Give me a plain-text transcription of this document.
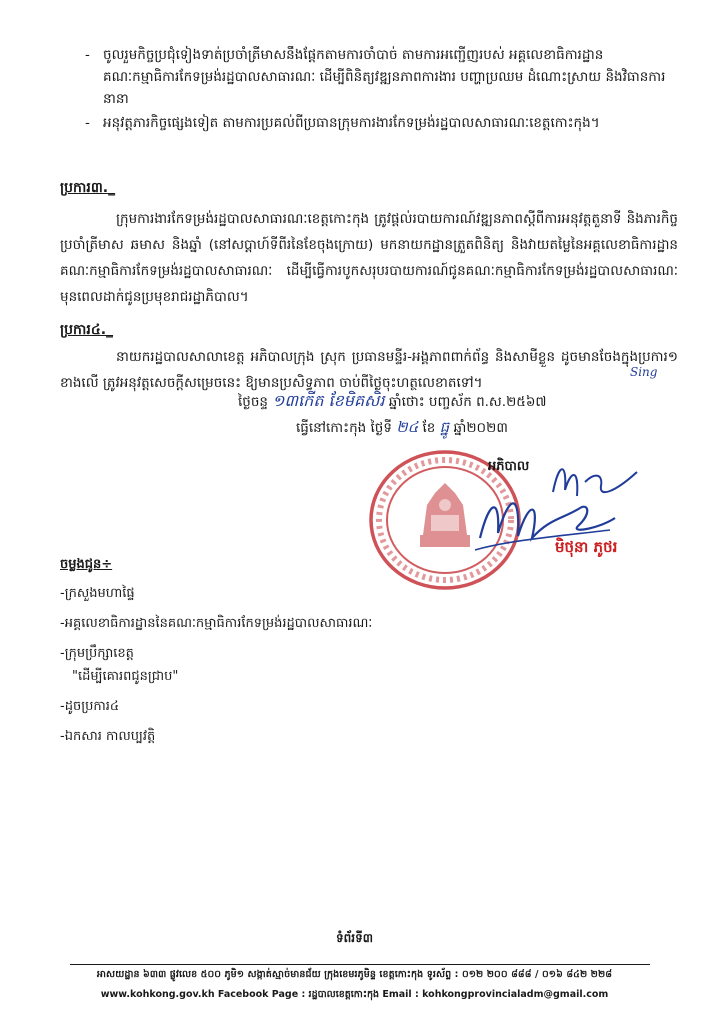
- ចូលរួមកិច្ចប្រជុំទៀងទាត់ប្រចាំត្រីមាសនឹងផ្ដែកតាមការចាំបាច់ តាមការអញ្ជើញរបស់ អគ្គលេខាធិការដ្ឋានគណៈកម្មាធិការកែទម្រង់រដ្ឋបាលសាធារណៈ ដើម្បីពិនិត្យវឌ្ឍនភាពការងារ បញ្ហាប្រឈម ដំណោះស្រាយ និងវិធានការនានា
- អនុវត្តភារកិច្ចផ្សេងទៀត តាមការប្រគល់ពីប្រធានក្រុមការងារកែទម្រង់រដ្ឋបាលសាធារណៈខេត្តកោះកុង។
ប្រការ៣._

ក្រុមការងារកែទម្រង់រដ្ឋបាលសាធារណៈខេត្តកោះកុង ត្រូវផ្តល់របាយការណ៍វឌ្ឍនភាពស្តីពីការអនុវត្តតួនាទី និងភារកិច្ចប្រចាំត្រីមាស ឆមាស និងឆ្នាំ (នៅសប្តាហ៍ទីពីរនៃខែចុងក្រោយ) មកនាយកដ្ឋានត្រួតពិនិត្យ និងវាយតម្លៃនៃអគ្គលេខាធិការដ្ឋានគណៈកម្មាធិការកែទម្រង់រដ្ឋបាលសាធារណៈ ដើម្បីធ្វើការបូកសរុបរបាយការណ៍ជូនគណៈកម្មាធិការកែទម្រង់រដ្ឋបាលសាធារណៈ មុនពេលដាក់ជូនប្រមុខរាជរដ្ឋាភិបាល។

ប្រការ៤._

នាយករដ្ឋបាលសាលាខេត្ត អភិបាលក្រុង ស្រុក ប្រធានមន្ទីរ-អង្គភាពពាក់ព័ន្ធ និងសាមីខ្លួន ដូចមានចែងក្នុងប្រការ១ ខាងលើ ត្រូវអនុវត្តសេចក្តីសម្រេចនេះ ឱ្យមានប្រសិទ្ធភាព ចាប់ពីថ្ងៃចុះហត្ថលេខាតទៅ។

Sing
ថ្ងៃចន្ទ ១៣កើត ខែមិគសិរ ឆ្នាំថោះ បញ្ចស័ក ព.ស.២៥៦៧
ធ្វើនៅកោះកុង ថ្ងៃទី ២៤ ខែ ធ្នូ ឆ្នាំ២០២៣
អភិបាល
មិថុនា ភូថរ
ចម្លងជូន÷
-ក្រសួងមហាផ្ទៃ
-អគ្គលេខាធិការដ្ឋាននៃគណៈកម្មាធិការកែទម្រង់រដ្ឋបាលសាធារណៈ
-ក្រុមប្រឹក្សាខេត្ត
"ដើម្បីគោរពជូនជ្រាប"
-ដូចប្រការ៤
-ឯកសារ កាលប្បវត្តិ
ទំព័រទី៣
អាសយដ្ឋាន ៦៣៣ ផ្លូវលេខ ៥០០ ភូមិ១ សង្កាត់ស្មាច់មានជ័យ ក្រុងខេមរភូមិន្ទ ខេត្តកោះកុង ទូរស័ព្ទ : ០១២ ២០០ ៨៨៨ / ០១៦ ៨៤២ ២២៨
www.kohkong.gov.kh Facebook Page : រដ្ឋបាលខេត្តកោះកុង Email : kohkongprovincialadm@gmail.com
